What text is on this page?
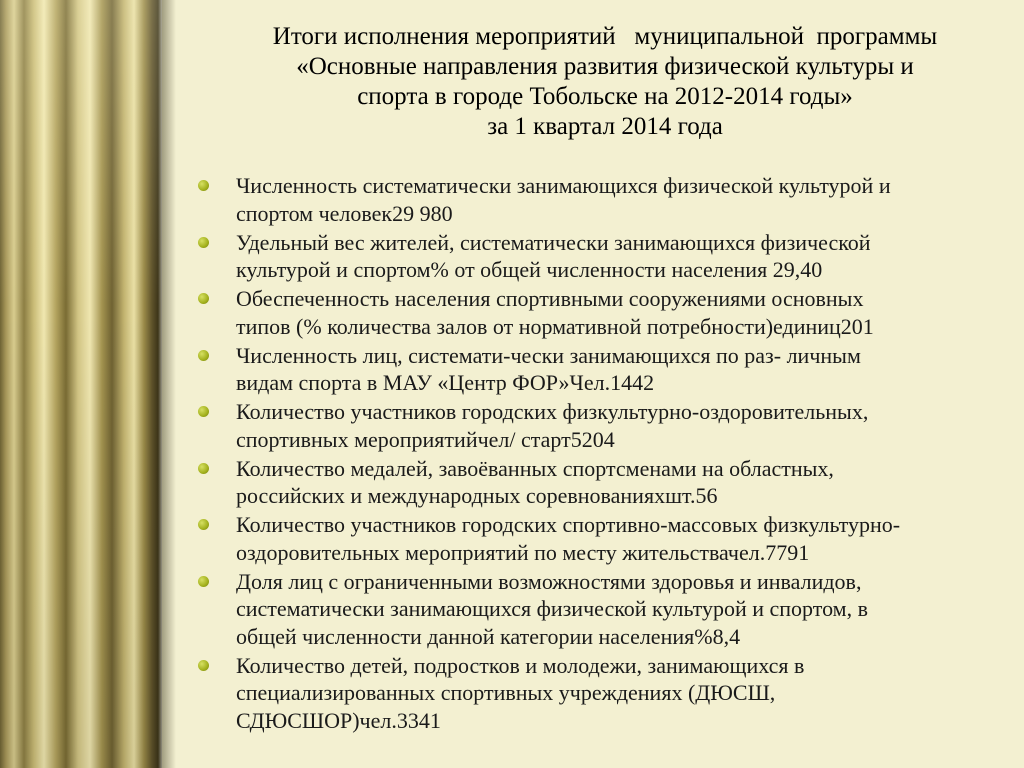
Итоги исполнения мероприятий   муниципальной  программы
«Основные направления развития физической культуры и
спорта в городе Тобольске на 2012-2014 годы»
за 1 квартал 2014 года
Численность систематически занимающихся физической культурой и
спортом человек29 980
Удельный вес жителей, систематически занимающихся физической
культурой и спортом% от общей численности населения 29,40
Обеспеченность населения спортивными сооружениями основных
типов (% количества залов от нормативной потребности)единиц201
Численность лиц, системати-чески занимающихся по раз- личным
видам спорта в МАУ «Центр ФОР»Чел.1442
Количество участников городских физкультурно-оздоровительных,
спортивных мероприятийчел/ старт5204
Количество медалей, завоёванных спортсменами на областных,
российских и международных соревнованияхшт.56
Количество участников городских спортивно-массовых физкультурно-
оздоровительных мероприятий по месту жительствачел.7791
Доля лиц с ограниченными возможностями здоровья и инвалидов,
систематически занимающихся физической культурой и спортом, в
общей численности данной категории населения%8,4
Количество детей, подростков и молодежи, занимающихся в
специализированных спортивных учреждениях (ДЮСШ,
СДЮСШОР)чел.3341
